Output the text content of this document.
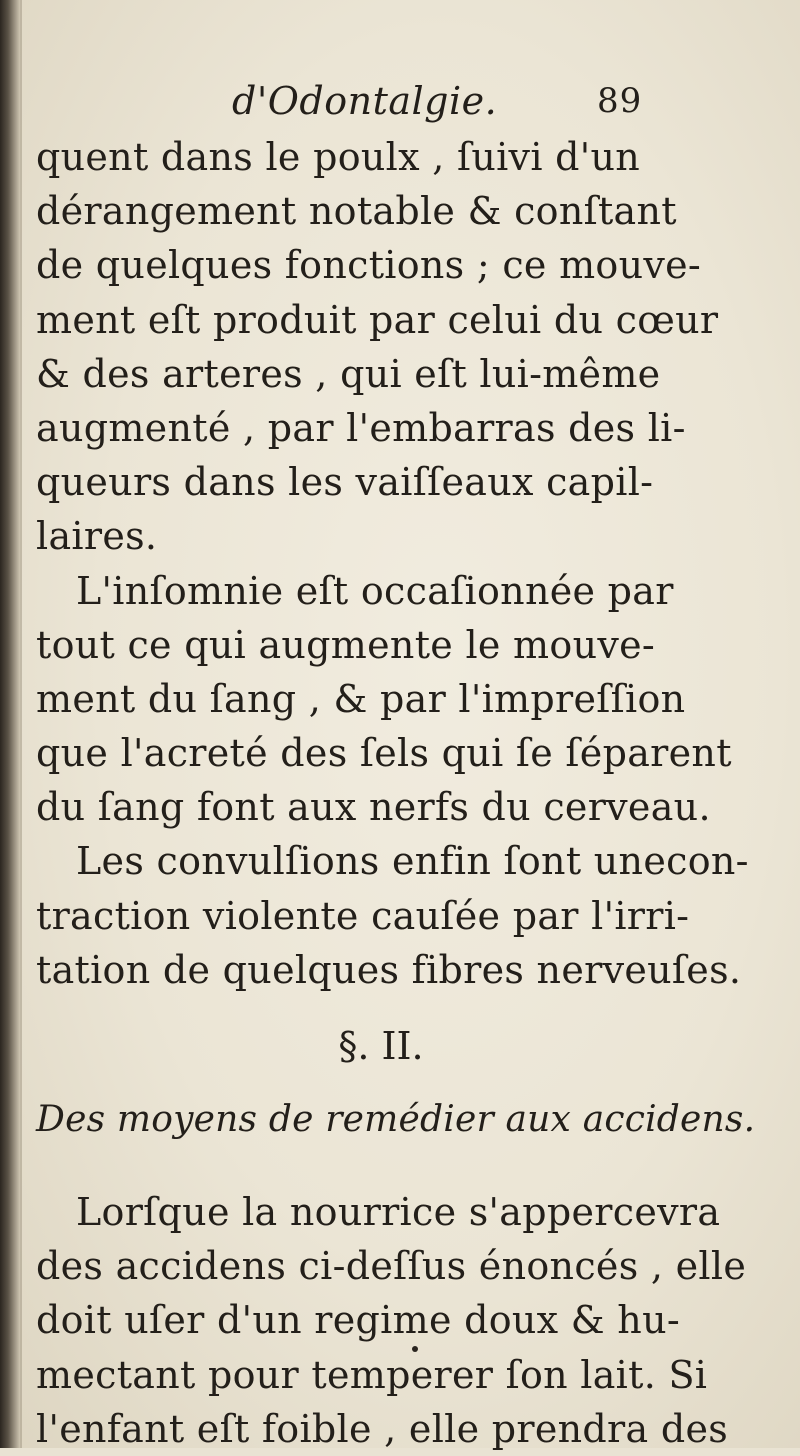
d'Odontalgie.	89
quent dans le poulx , ſuivi d'un
dérangement notable & conſtant
de quelques fonctions ; ce mouve-
ment eſt produit par celui du cœur
& des arteres , qui eſt lui-même
augmenté , par l'embarras des li-
queurs dans les vaiſſeaux capil-
laires.
L'inſomnie eſt occaſionnée par
tout ce qui augmente le mouve-
ment du ſang , & par l'impreſſion
que l'acreté des ſels qui ſe ſéparent
du ſang font aux nerfs du cerveau.
Les convulſions enfin ſont unecon-
traction violente cauſée par l'irri-
tation de quelques fibres nerveuſes.
§. II.
Des moyens de remédier aux accidens.
Lorſque la nourrice s'appercevra
des accidens ci-deſſus énoncés , elle
doit uſer d'un regime doux & hu-
mectant pour temperer ſon lait. Si
l'enfant eſt foible , elle prendra des
